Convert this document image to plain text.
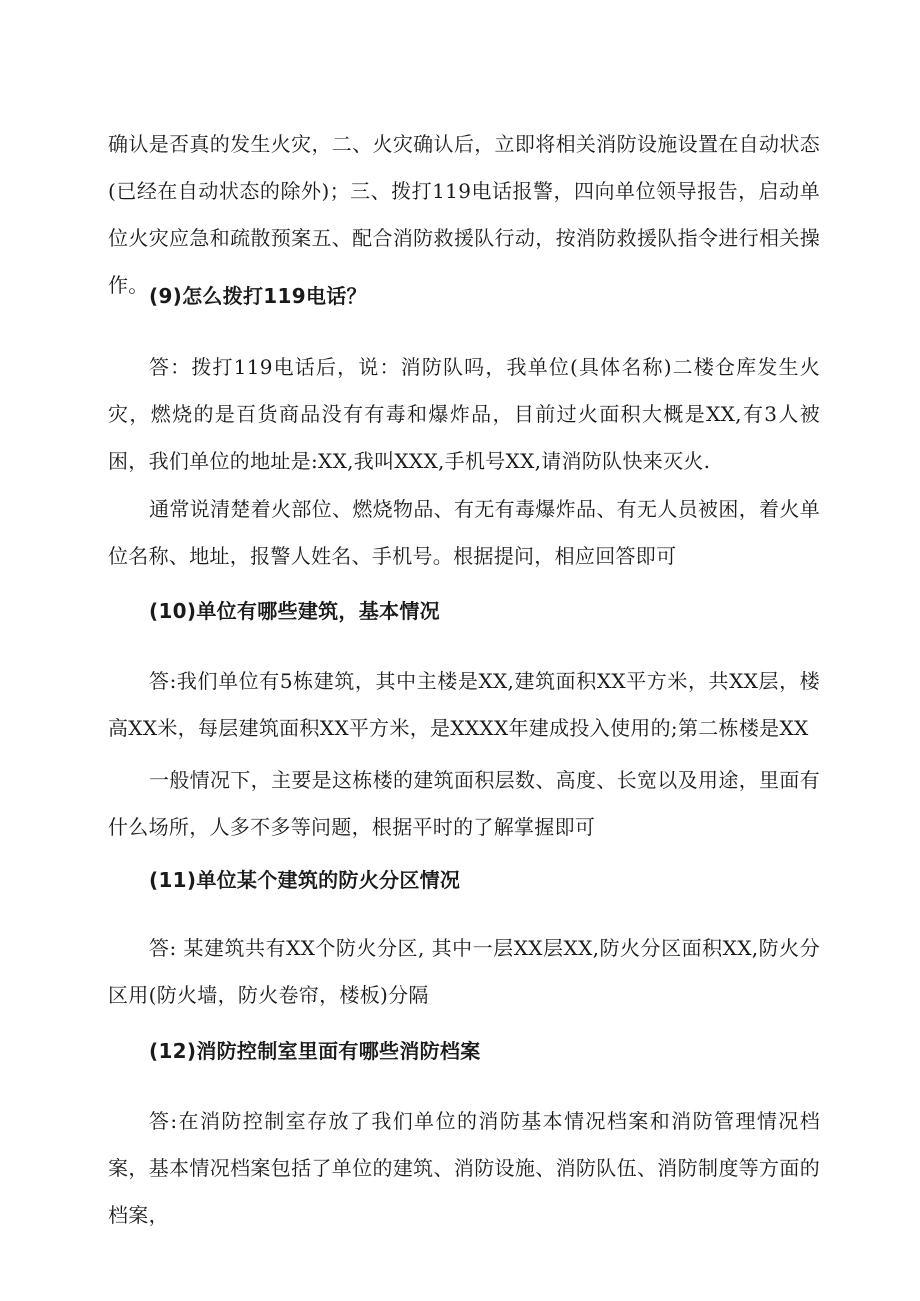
确认是否真的发生火灾，二、火灾确认后，立即将相关消防设施设置在自动状态(已经在自动状态的除外)；三、拨打119电话报警，四向单位领导报告，启动单位火灾应急和疏散预案五、配合消防救援队行动，按消防救援队指令进行相关操作。 (9)怎么拨打119电话？

答：拨打119电话后，说：消防队吗，我单位(具体名称)二楼仓库发生火灾，燃烧的是百货商品没有有毒和爆炸品，目前过火面积大概是XX,有3人被困，我们单位的地址是:XX,我叫XXX,手机号XX,请消防队快来灭火.

通常说清楚着火部位、燃烧物品、有无有毒爆炸品、有无人员被困，着火单位名称、地址，报警人姓名、手机号。根据提问，相应回答即可

(10)单位有哪些建筑，基本情况

答:我们单位有5栋建筑，其中主楼是XX,建筑面积XX平方米，共XX层，楼高XX米，每层建筑面积XX平方米，是XXXX年建成投入使用的;第二栋楼是XX

一般情况下，主要是这栋楼的建筑面积层数、高度、长宽以及用途，里面有什么场所，人多不多等问题，根据平时的了解掌握即可

(11)单位某个建筑的防火分区情况

答: 某建筑共有XX个防火分区, 其中一层XX层XX,防火分区面积XX,防火分区用(防火墙，防火卷帘，楼板)分隔

(12)消防控制室里面有哪些消防档案

答:在消防控制室存放了我们单位的消防基本情况档案和消防管理情况档案，基本情况档案包括了单位的建筑、消防设施、消防队伍、消防制度等方面的档案，
